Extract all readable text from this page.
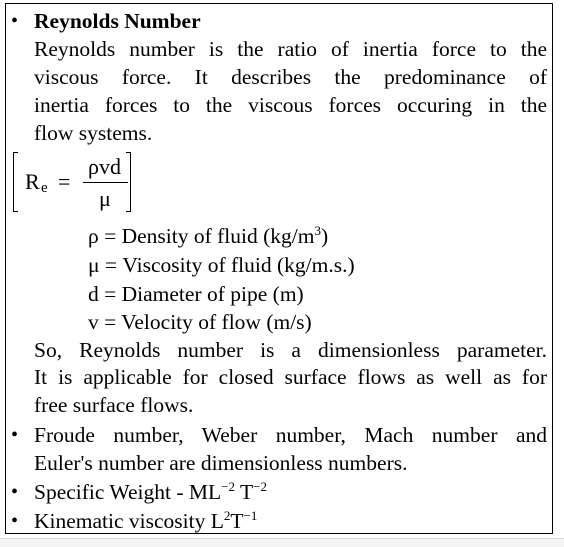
• Reynolds Number
Reynolds number is the ratio of inertia force to the
viscous force. It describes the predominance of
inertia forces to the viscous forces occuring in the
flow systems.
R e =
ρvd
μ
ρ = Density of fluid $(kg/m^3)$
μ = Viscosity of fluid (kg/m.s.)
d = Diameter of pipe (m)
v = Velocity of flow (m/s)
So, Reynolds number is a dimensionless parameter.
It is applicable for closed surface flows as well as for
free surface flows.
• Froude number, Weber number, Mach number and
Euler's number are dimensionless numbers.
• Specific Weight - $ML^{-2}$ $T^{-2}$
• Kinematic viscosity $L^2T^{-1}$
